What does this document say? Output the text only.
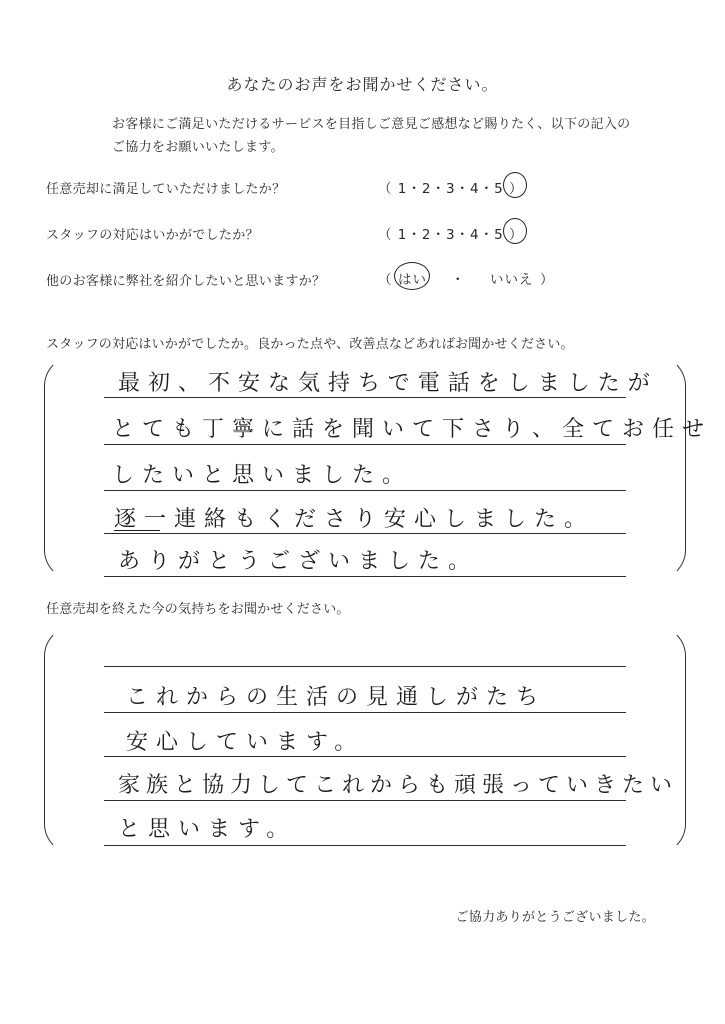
あなたのお声をお聞かせください。
お客様にご満足いただけるサービスを目指しご意見ご感想など賜りたく、以下の記入の
ご協力をお願いいたします。
任意売却に満足していただけましたか？	（ 1・2・3・4・5 ）
スタッフの対応はいかがでしたか？	（ 1・2・3・4・5 ）
他のお客様に弊社を紹介したいと思いますか？	（ はい ・ いいえ ）
スタッフの対応はいかがでしたか。良かった点や、改善点などあればお聞かせください。
最初、不安な気持ちで電話をしましたが
とても丁寧に話を聞いて下さり、全てお任せ
したいと思いました。
逐一連絡もくださり安心しました。
ありがとうございました。
任意売却を終えた今の気持ちをお聞かせください。
これからの生活の見通しがたち
安心しています。
家族と協力してこれからも頑張っていきたい
と思います。
ご協力ありがとうございました。
